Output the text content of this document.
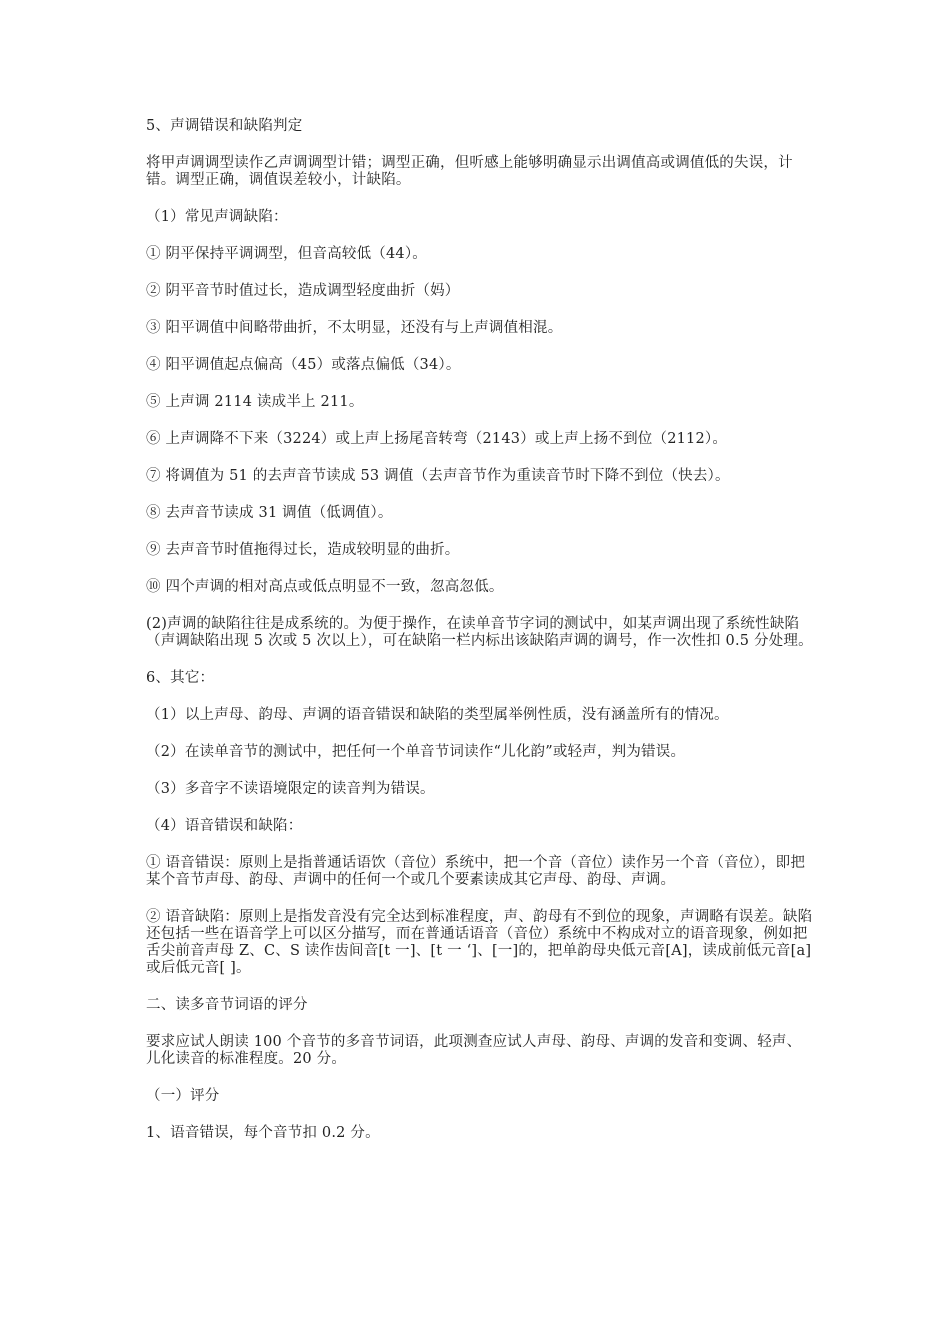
5、声调错误和缺陷判定

将甲声调调型读作乙声调调型计错；调型正确，但听感上能够明确显示出调值高或调值低的失误，计错。调型正确，调值误差较小，计缺陷。

（1）常见声调缺陷：

① 阴平保持平调调型，但音高较低（44）。

② 阴平音节时值过长，造成调型轻度曲折（妈）

③ 阳平调值中间略带曲折，不太明显，还没有与上声调值相混。

④ 阳平调值起点偏高（45）或落点偏低（34）。

⑤ 上声调 2114 读成半上 211。

⑥ 上声调降不下来（3224）或上声上扬尾音转弯（2143）或上声上扬不到位（2112）。

⑦ 将调值为 51 的去声音节读成 53 调值（去声音节作为重读音节时下降不到位（快去）。

⑧ 去声音节读成 31 调值（低调值）。

⑨ 去声音节时值拖得过长，造成较明显的曲折。

⑩ 四个声调的相对高点或低点明显不一致，忽高忽低。

(2)声调的缺陷往往是成系统的。为便于操作，在读单音节字词的测试中，如某声调出现了系统性缺陷（声调缺陷出现 5 次或 5 次以上），可在缺陷一栏内标出该缺陷声调的调号，作一次性扣 0.5 分处理。

6、其它：

（1）以上声母、韵母、声调的语音错误和缺陷的类型属举例性质，没有涵盖所有的情况。

（2）在读单音节的测试中，把任何一个单音节词读作“儿化韵”或轻声，判为错误。

（3）多音字不读语境限定的读音判为错误。

（4）语音错误和缺陷：

① 语音错误：原则上是指普通话语饮（音位）系统中，把一个音（音位）读作另一个音（音位），即把某个音节声母、韵母、声调中的任何一个或几个要素读成其它声母、韵母、声调。

② 语音缺陷：原则上是指发音没有完全达到标准程度，声、韵母有不到位的现象，声调略有误差。缺陷还包括一些在语音学上可以区分描写，而在普通话语音（音位）系统中不构成对立的语音现象，例如把舌尖前音声母 Z、C、S 读作齿间音[t 一]、[t 一 ‘]、[一]的，把单韵母央低元音[A]，读成前低元音[a]或后低元音[ ]。

二、读多音节词语的评分

要求应试人朗读 100 个音节的多音节词语，此项测查应试人声母、韵母、声调的发音和变调、轻声、儿化读音的标准程度。20 分。

（一）评分

1、语音错误，每个音节扣 0.2 分。
